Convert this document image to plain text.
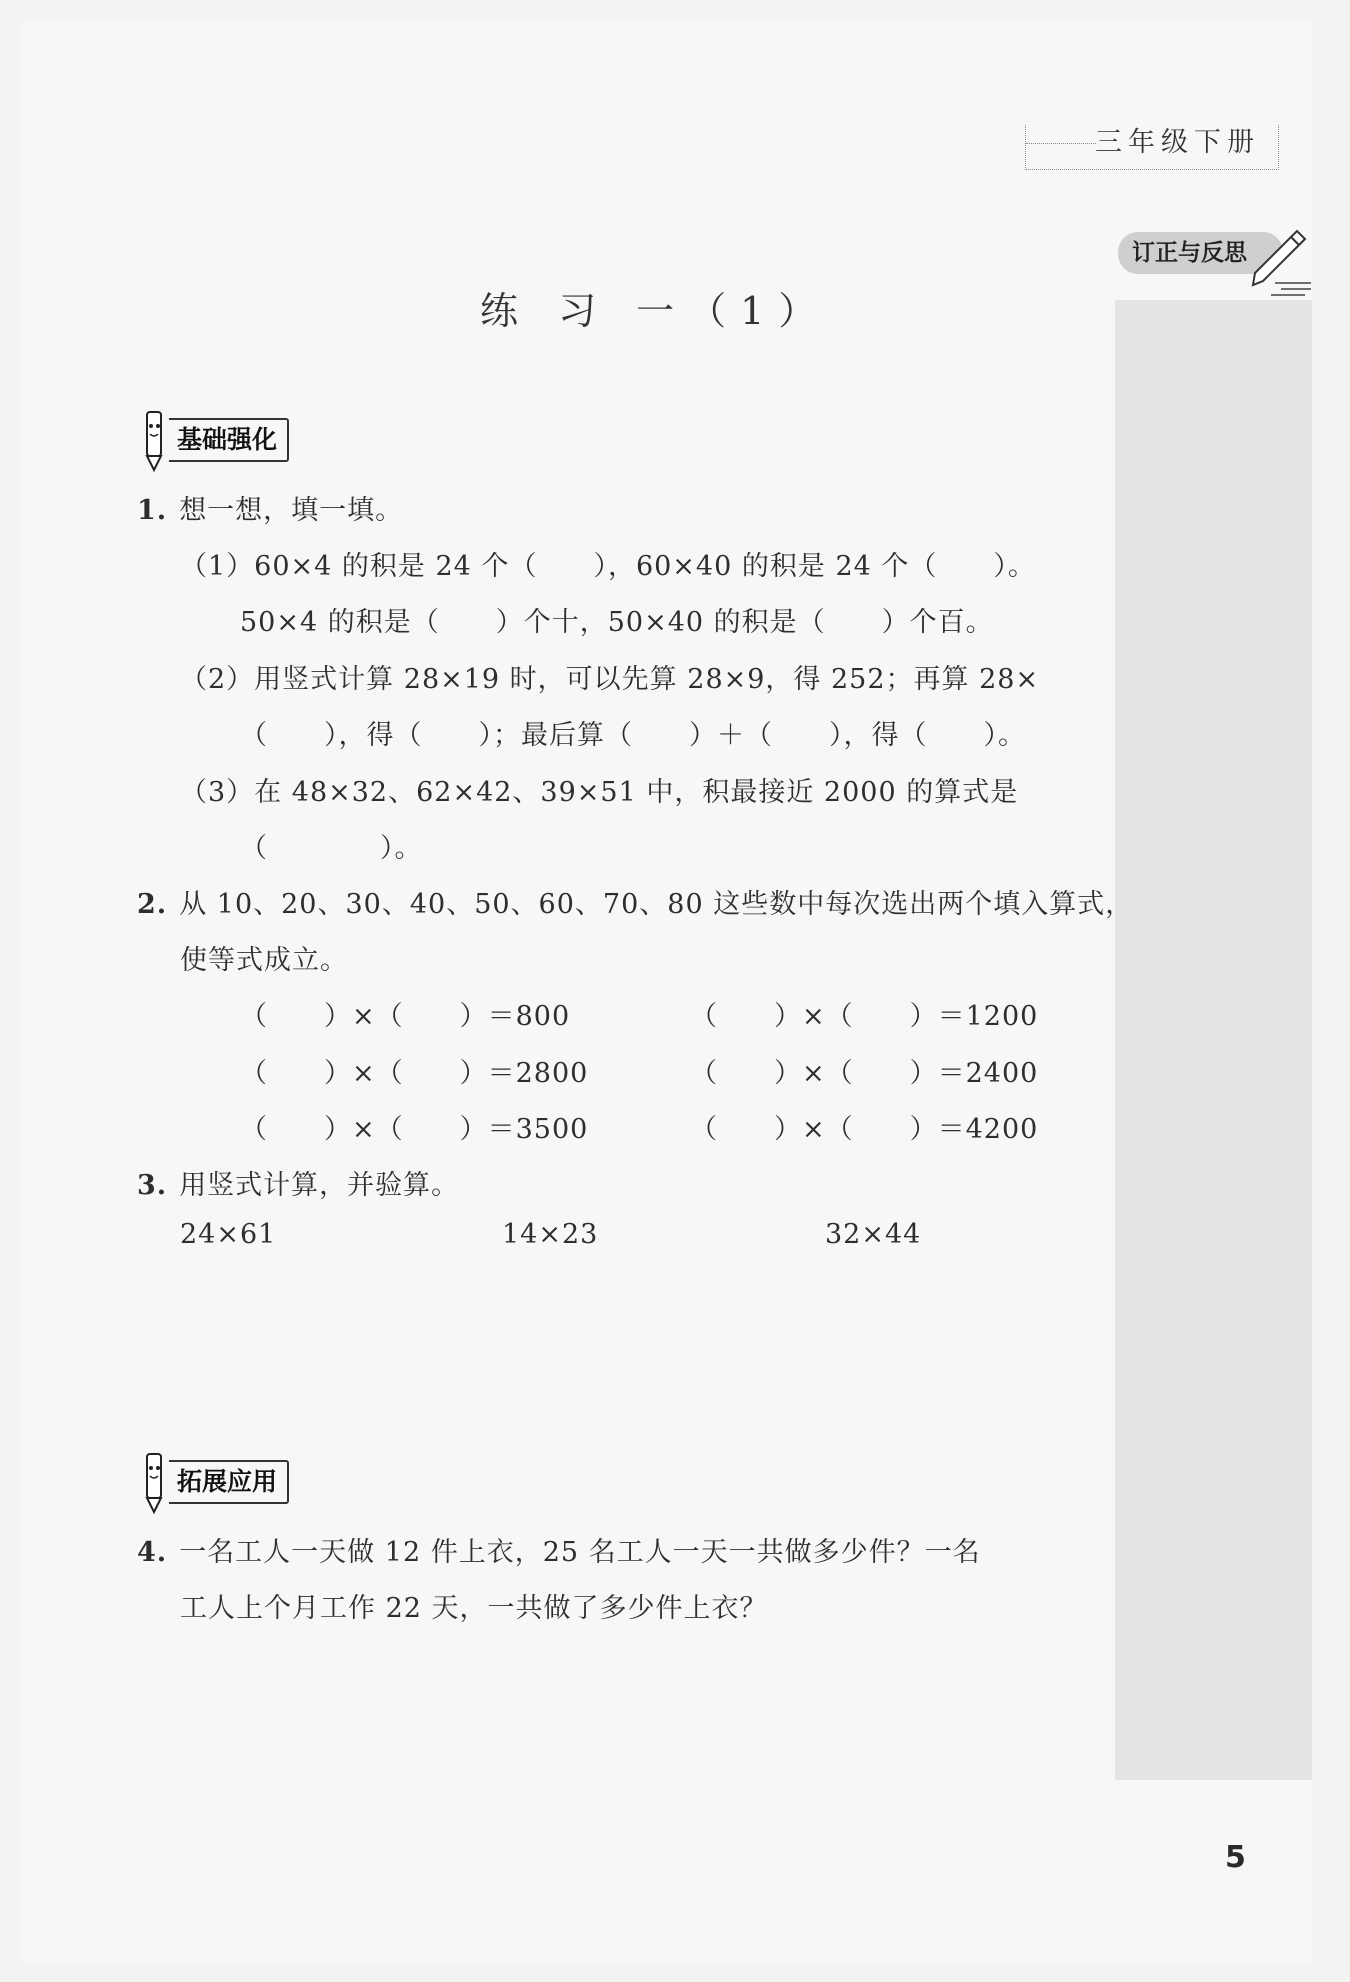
三年级下册
订正与反思
练 习 一（1）
基础强化
1. 想一想，填一填。
（1）60×4 的积是 24 个（　　），60×40 的积是 24 个（　　）。
50×4 的积是（　　）个十，50×40 的积是（　　）个百。
（2）用竖式计算 28×19 时，可以先算 28×9，得 252；再算 28×
（　　），得（　　）；最后算（　　）＋（　　），得（　　）。
（3）在 48×32、62×42、39×51 中，积最接近 2000 的算式是
（　　　　）。
2. 从 10、20、30、40、50、60、70、80 这些数中每次选出两个填入算式，
使等式成立。
（　　）×（　　）＝800	（　　）×（　　）＝1200
（　　）×（　　）＝2800	（　　）×（　　）＝2400
（　　）×（　　）＝3500	（　　）×（　　）＝4200
3. 用竖式计算，并验算。
24×61	14×23	32×44
拓展应用
4. 一名工人一天做 12 件上衣，25 名工人一天一共做多少件？一名
工人上个月工作 22 天，一共做了多少件上衣？
5
